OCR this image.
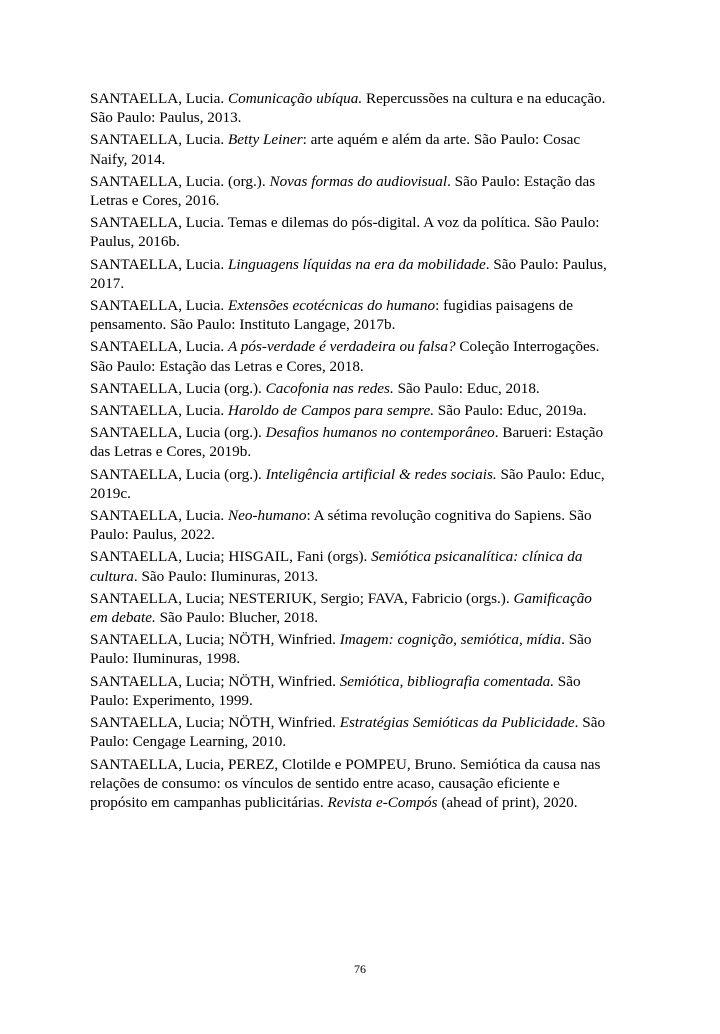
SANTAELLA, Lucia. Comunicação ubíqua. Repercussões na cultura e na educação. São Paulo: Paulus, 2013.

SANTAELLA, Lucia. Betty Leiner: arte aquém e além da arte. São Paulo: Cosac Naify, 2014.

SANTAELLA, Lucia. (org.). Novas formas do audiovisual. São Paulo: Estação das Letras e Cores, 2016.

SANTAELLA, Lucia. Temas e dilemas do pós-digital. A voz da política. São Paulo: Paulus, 2016b.

SANTAELLA, Lucia. Linguagens líquidas na era da mobilidade. São Paulo: Paulus, 2017.

SANTAELLA, Lucia. Extensões ecotécnicas do humano: fugidias paisagens de pensamento. São Paulo: Instituto Langage, 2017b.

SANTAELLA, Lucia. A pós-verdade é verdadeira ou falsa? Coleção Interrogações. São Paulo: Estação das Letras e Cores, 2018.

SANTAELLA, Lucia (org.). Cacofonia nas redes. São Paulo: Educ, 2018.

SANTAELLA, Lucia. Haroldo de Campos para sempre. São Paulo: Educ, 2019a.

SANTAELLA, Lucia (org.). Desafios humanos no contemporâneo. Barueri: Estação das Letras e Cores, 2019b.

SANTAELLA, Lucia (org.). Inteligência artificial & redes sociais. São Paulo: Educ, 2019c.

SANTAELLA, Lucia. Neo-humano: A sétima revolução cognitiva do Sapiens. São Paulo: Paulus, 2022.

SANTAELLA, Lucia; HISGAIL, Fani (orgs). Semiótica psicanalítica: clínica da cultura. São Paulo: Iluminuras, 2013.

SANTAELLA, Lucia; NESTERIUK, Sergio; FAVA, Fabricio (orgs.). Gamificação em debate. São Paulo: Blucher, 2018.

SANTAELLA, Lucia; NÖTH, Winfried. Imagem: cognição, semiótica, mídia. São Paulo: Iluminuras, 1998.

SANTAELLA, Lucia; NÖTH, Winfried. Semiótica, bibliografia comentada. São Paulo: Experimento, 1999.

SANTAELLA, Lucia; NÖTH, Winfried. Estratégias Semióticas da Publicidade. São Paulo: Cengage Learning, 2010.

SANTAELLA, Lucia, PEREZ, Clotilde e POMPEU, Bruno. Semiótica da causa nas relações de consumo: os vínculos de sentido entre acaso, causação eficiente e propósito em campanhas publicitárias. Revista e-Compós (ahead of print), 2020.

76
